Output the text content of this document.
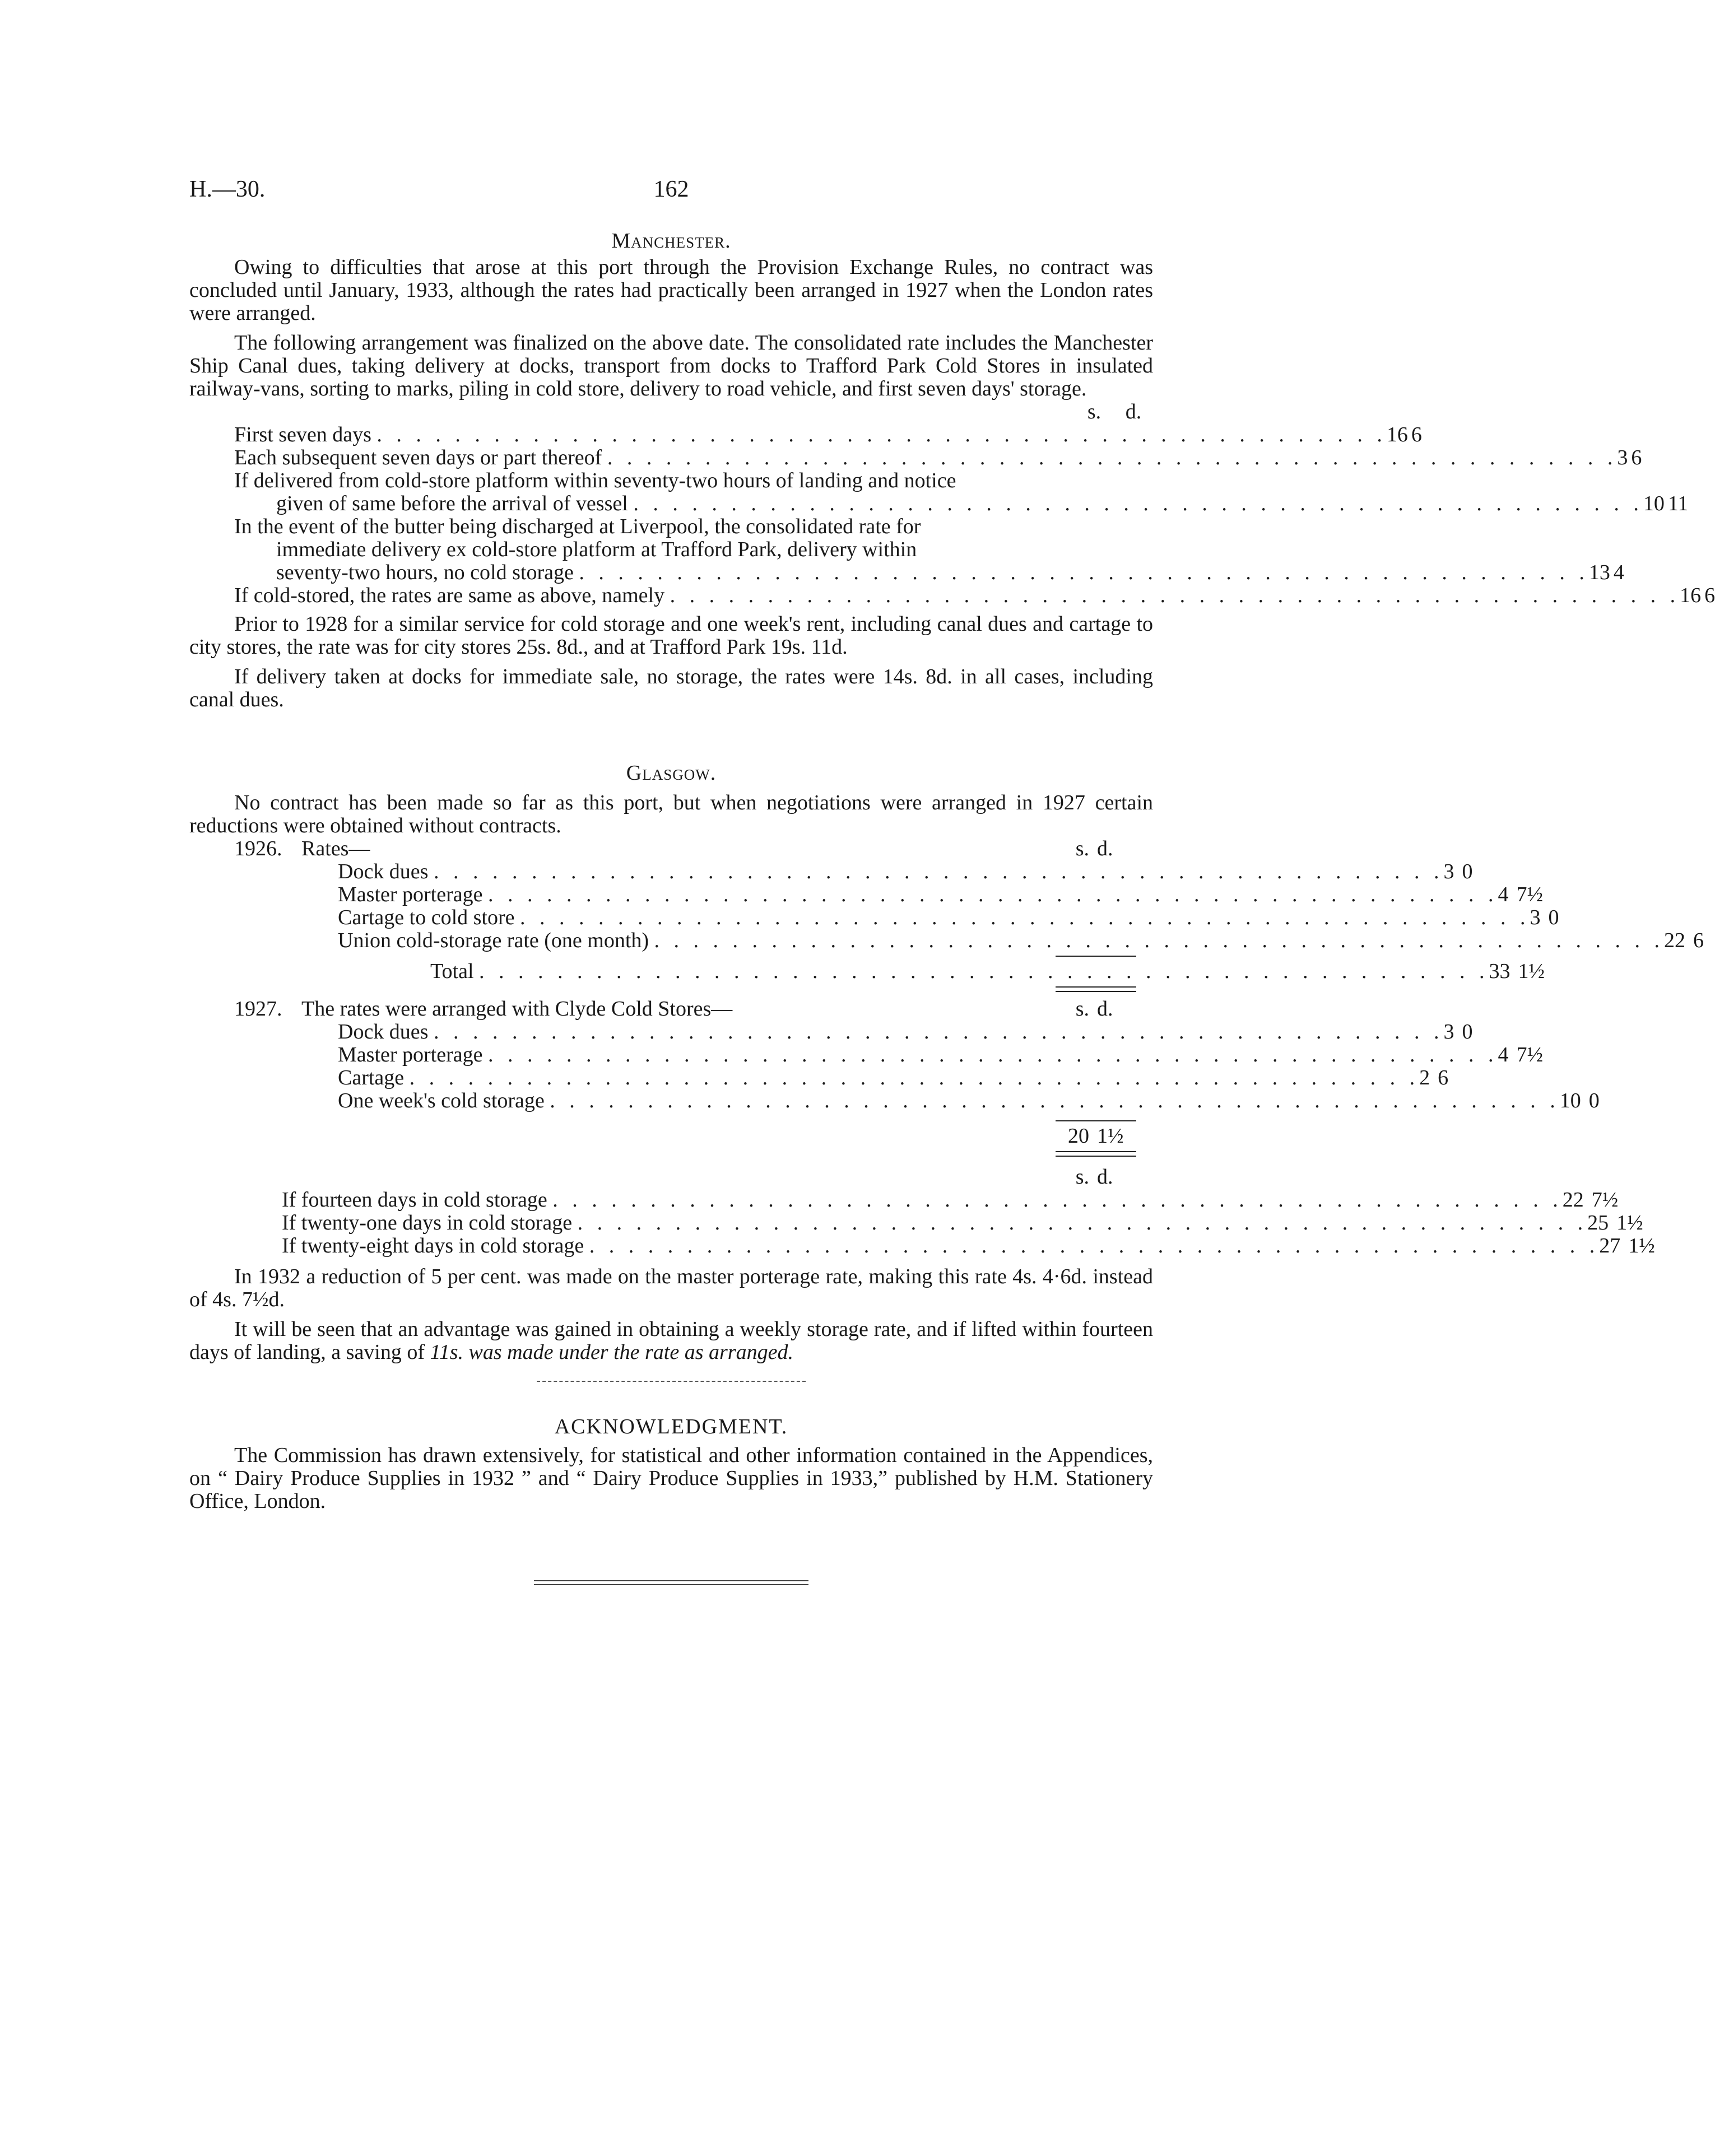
H.—30.	162
Manchester.

Owing to difficulties that arose at this port through the Provision Exchange Rules, no contract was concluded until January, 1933, although the rates had practically been arranged in 1927 when the London rates were arranged.

The following arrangement was finalized on the above date. The consolidated rate includes the Manchester Ship Canal dues, taking delivery at docks, transport from docks to Trafford Park Cold Stores in insulated railway-vans, sorting to marks, piling in cold store, delivery to road vehicle, and first seven days' storage.

s.	d.
First seven days . . . . . . . . . . . . . . . . . . . . . . . . . . . . . . . . . . . . . . . . . . . . . . . . . . . . 16 6
Each subsequent seven days or part thereof . . . . . . . . . . . . . . . . . . . . . . . . . . . . . . . . . . . . . . . . . . . . . . . . . . . . 3 6
If delivered from cold-store platform within seventy-two hours of landing and notice
given of same before the arrival of vessel . . . . . . . . . . . . . . . . . . . . . . . . . . . . . . . . . . . . . . . . . . . . . . . . . . . . 10 11
In the event of the butter being discharged at Liverpool, the consolidated rate for
immediate delivery ex cold-store platform at Trafford Park, delivery within
seventy-two hours, no cold storage . . . . . . . . . . . . . . . . . . . . . . . . . . . . . . . . . . . . . . . . . . . . . . . . . . . . 13 4
If cold-stored, the rates are same as above, namely . . . . . . . . . . . . . . . . . . . . . . . . . . . . . . . . . . . . . . . . . . . . . . . . . . . . 16 6

Prior to 1928 for a similar service for cold storage and one week's rent, including canal dues and cartage to city stores, the rate was for city stores 25s. 8d., and at Trafford Park 19s. 11d.

If delivery taken at docks for immediate sale, no storage, the rates were 14s. 8d. in all cases, including canal dues.

Glasgow.

No contract has been made so far as this port, but when negotiations were arranged in 1927 certain reductions were obtained without contracts.

1926. Rates—	s. d.
Dock dues . . . . . . . . . . . . . . . . . . . . . . . . . . . . . . . . . . . . . . . . . . . . . . . . . . . . 3 0
Master porterage . . . . . . . . . . . . . . . . . . . . . . . . . . . . . . . . . . . . . . . . . . . . . . . . . . . . 4 7½
Cartage to cold store . . . . . . . . . . . . . . . . . . . . . . . . . . . . . . . . . . . . . . . . . . . . . . . . . . . . 3 0
Union cold-storage rate (one month) . . . . . . . . . . . . . . . . . . . . . . . . . . . . . . . . . . . . . . . . . . . . . . . . . . . . 22 6
Total . . . . . . . . . . . . . . . . . . . . . . . . . . . . . . . . . . . . . . . . . . . . . . . . . . . . 33 1½
1927. The rates were arranged with Clyde Cold Stores—	s. d.
Dock dues . . . . . . . . . . . . . . . . . . . . . . . . . . . . . . . . . . . . . . . . . . . . . . . . . . . . 3 0
Master porterage . . . . . . . . . . . . . . . . . . . . . . . . . . . . . . . . . . . . . . . . . . . . . . . . . . . . 4 7½
Cartage . . . . . . . . . . . . . . . . . . . . . . . . . . . . . . . . . . . . . . . . . . . . . . . . . . . . 2 6
One week's cold storage . . . . . . . . . . . . . . . . . . . . . . . . . . . . . . . . . . . . . . . . . . . . . . . . . . . . 10 0
20 1½
s. d.
If fourteen days in cold storage . . . . . . . . . . . . . . . . . . . . . . . . . . . . . . . . . . . . . . . . . . . . . . . . . . . . 22 7½
If twenty-one days in cold storage . . . . . . . . . . . . . . . . . . . . . . . . . . . . . . . . . . . . . . . . . . . . . . . . . . . . 25 1½
If twenty-eight days in cold storage . . . . . . . . . . . . . . . . . . . . . . . . . . . . . . . . . . . . . . . . . . . . . . . . . . . . 27 1½

In 1932 a reduction of 5 per cent. was made on the master porterage rate, making this rate 4s. 4·6d. instead of 4s. 7½d.

It will be seen that an advantage was gained in obtaining a weekly storage rate, and if lifted within fourteen days of landing, a saving of 11s. was made under the rate as arranged.

ACKNOWLEDGMENT.

The Commission has drawn extensively, for statistical and other information contained in the Appendices, on “ Dairy Produce Supplies in 1932 ” and “ Dairy Produce Supplies in 1933,” published by H.M. Stationery Office, London.
